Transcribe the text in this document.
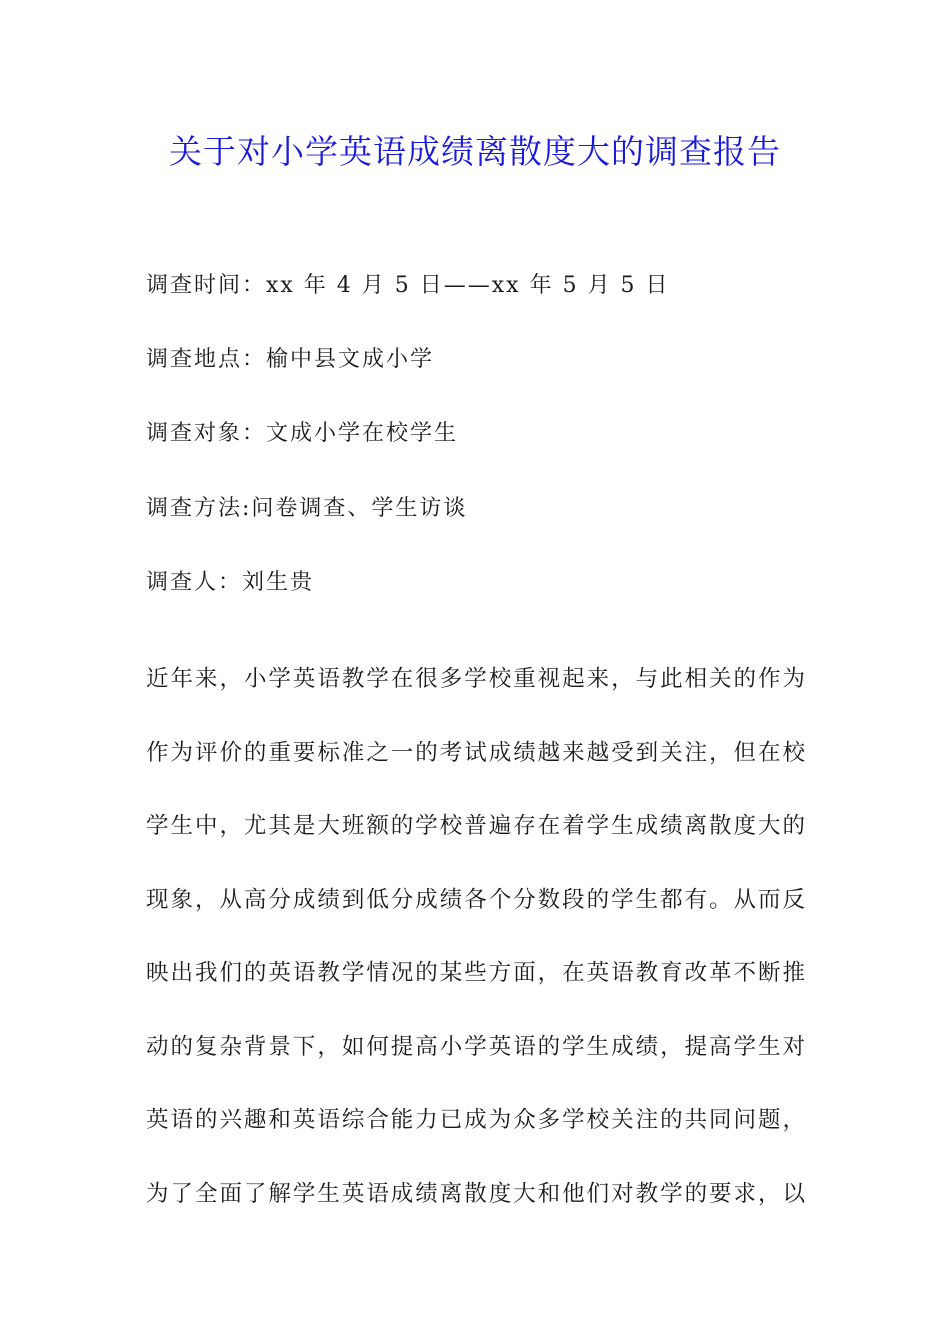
关于对小学英语成绩离散度大的调查报告
调查时间：xx 年 4 月 5 日——xx 年 5 月 5 日
调查地点：榆中县文成小学
调查对象：文成小学在校学生
调查方法:问卷调查、学生访谈
调查人：刘生贵
近年来，小学英语教学在很多学校重视起来，与此相关的作为
作为评价的重要标准之一的考试成绩越来越受到关注，但在校
学生中，尤其是大班额的学校普遍存在着学生成绩离散度大的
现象，从高分成绩到低分成绩各个分数段的学生都有。从而反
映出我们的英语教学情况的某些方面，在英语教育改革不断推
动的复杂背景下，如何提高小学英语的学生成绩，提高学生对
英语的兴趣和英语综合能力已成为众多学校关注的共同问题，
为了全面了解学生英语成绩离散度大和他们对教学的要求，以
